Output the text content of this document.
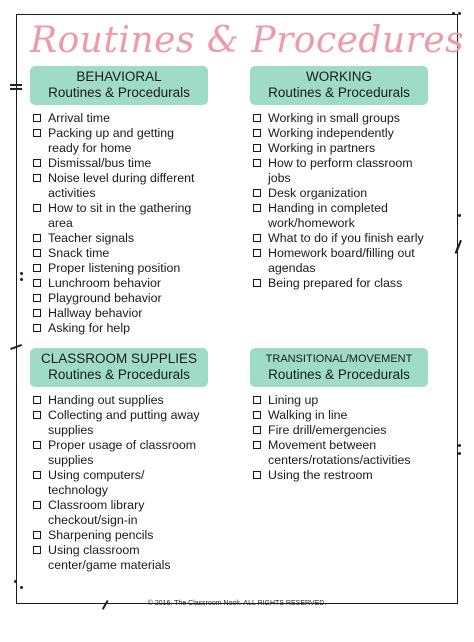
Routines & Procedures
BEHAVIORAL
Routines & Procedurals
Arrival time
Packing up and getting
ready for home
Dismissal/bus time
Noise level during different
activities
How to sit in the gathering
area
Teacher signals
Snack time
Proper listening position
Lunchroom behavior
Playground behavior
Hallway behavior
Asking for help
WORKING
Routines & Procedurals
Working in small groups
Working independently
Working in partners
How to perform classroom
jobs
Desk organization
Handing in completed
work/homework
What to do if you finish early
Homework board/filling out
agendas
Being prepared for class
CLASSROOM SUPPLIES
Routines & Procedurals
Handing out supplies
Collecting and putting away
supplies
Proper usage of classroom
supplies
Using computers/
technology
Classroom library
checkout/sign-in
Sharpening pencils
Using classroom
center/game materials
TRANSITIONAL/MOVEMENT
Routines & Procedurals
Lining up
Walking in line
Fire drill/emergencies
Movement between
centers/rotations/activities
Using the restroom
© 2016. The Classroom Nook. ALL RIGHTS RESERVED.
